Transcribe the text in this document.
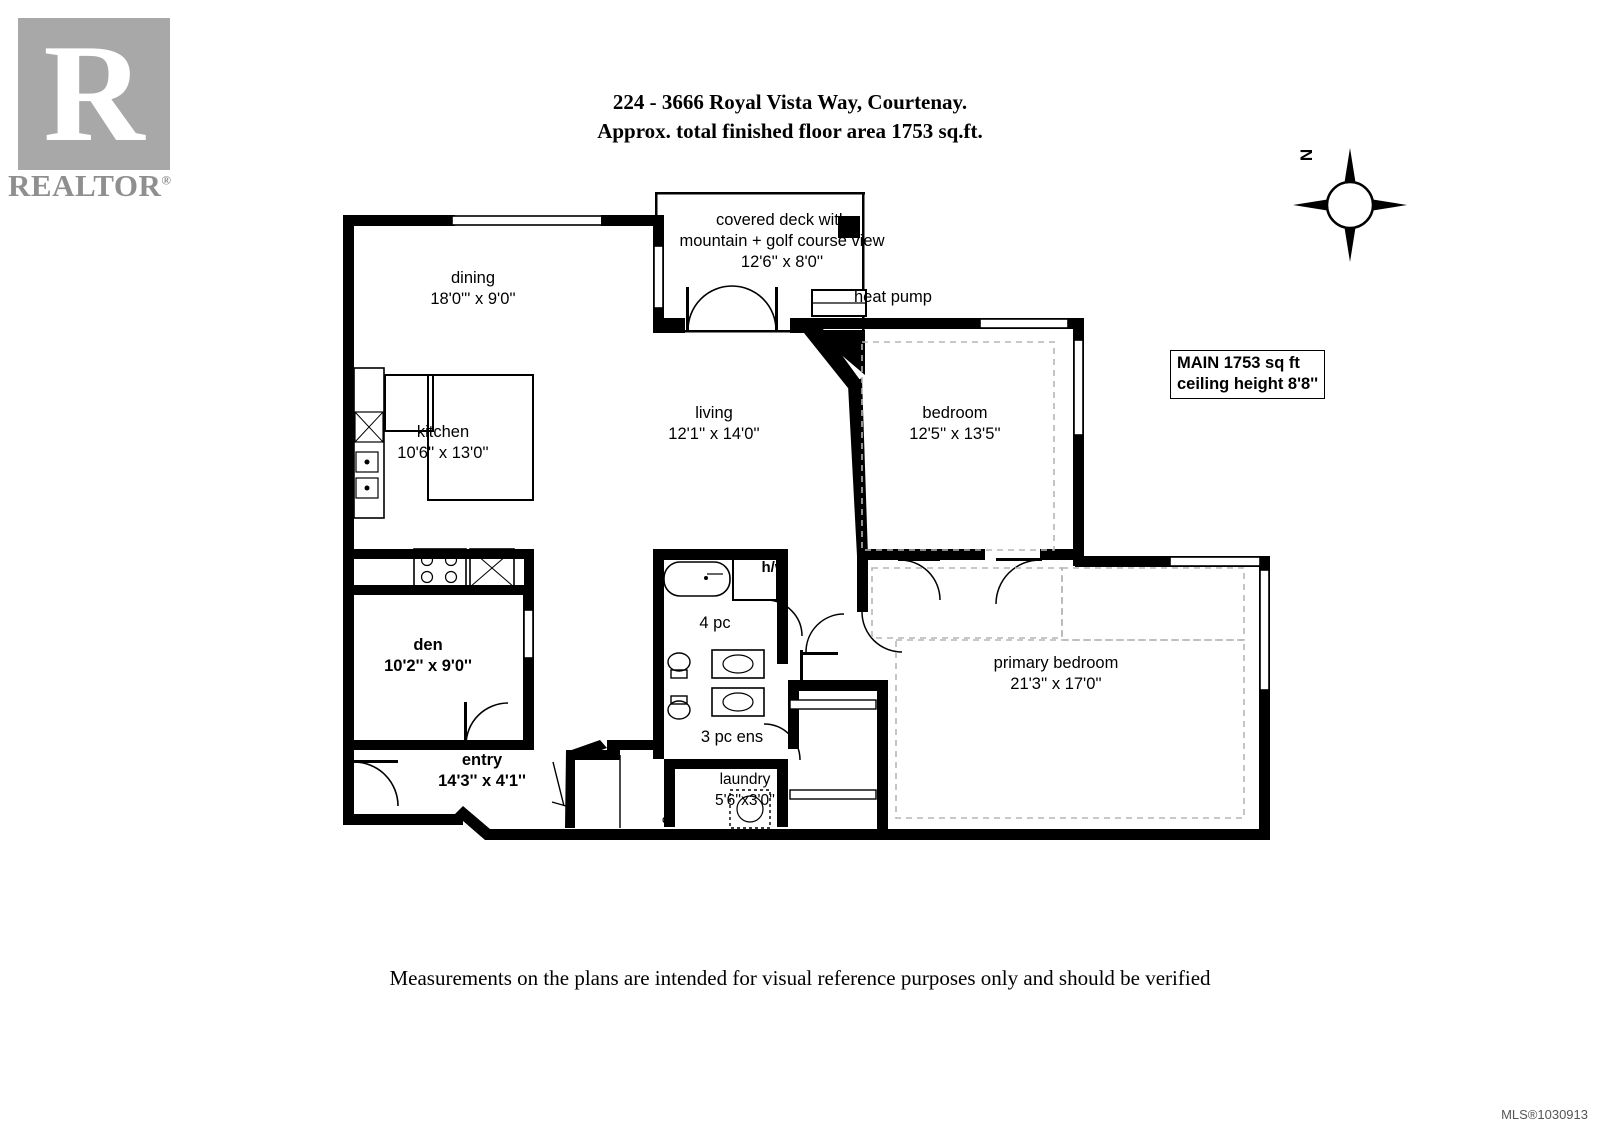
R
REALTOR®
224 - 3666 Royal Vista Way, Courtenay.
Approx. total finished floor area 1753 sq.ft.
MAIN 1753 sq ft
ceiling height 8'8''
N
dining
18'0''' x 9'0''
kitchen
10'6'' x 13'0''
living
12'1'' x 14'0''
bedroom
12'5'' x 13'5''
primary bedroom
21'3'' x 17'0''
den
10'2'' x 9'0''
entry
14'3'' x 4'1''	laundry
5'6''x3'0''
covered deck with
mountain + golf course view
12'6'' x 8'0''
heat pump
4 pc
3 pc ens
h/w
Measurements on the plans are intended for visual reference purposes only and should be verified
MLS®1030913
